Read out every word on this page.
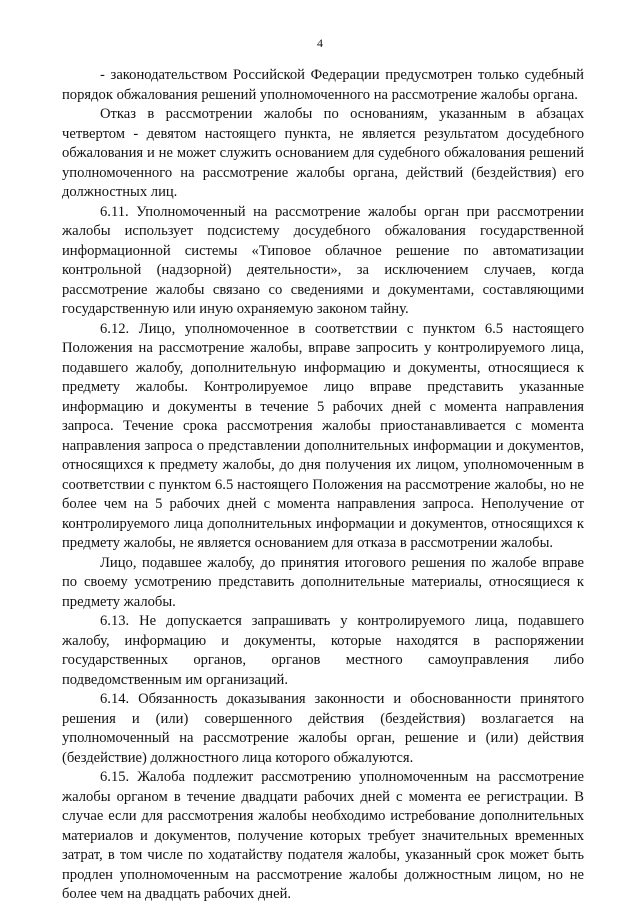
4

- законодательством Российской Федерации предусмотрен только судебный порядок обжалования решений уполномоченного на рассмотрение жалобы органа.

Отказ в рассмотрении жалобы по основаниям, указанным в абзацах четвертом - девятом настоящего пункта, не является результатом досудебного обжалования и не может служить основанием для судебного обжалования решений уполномоченного на рассмотрение жалобы органа, действий (бездействия) его должностных лиц.

6.11. Уполномоченный на рассмотрение жалобы орган при рассмотрении жалобы использует подсистему досудебного обжалования государственной информационной системы «Типовое облачное решение по автоматизации контрольной (надзорной) деятельности», за исключением случаев, когда рассмотрение жалобы связано со сведениями и документами, составляющими государственную или иную охраняемую законом тайну.

6.12. Лицо, уполномоченное в соответствии с пунктом 6.5 настоящего Положения на рассмотрение жалобы, вправе запросить у контролируемого лица, подавшего жалобу, дополнительную информацию и документы, относящиеся к предмету жалобы. Контролируемое лицо вправе представить указанные информацию и документы в течение 5 рабочих дней с момента направления запроса. Течение срока рассмотрения жалобы приостанавливается с момента направления запроса о представлении дополнительных информации и документов, относящихся к предмету жалобы, до дня получения их лицом, уполномоченным в соответствии с пунктом 6.5 настоящего Положения на рассмотрение жалобы, но не более чем на 5 рабочих дней с момента направления запроса. Неполучение от контролируемого лица дополнительных информации и документов, относящихся к предмету жалобы, не является основанием для отказа в рассмотрении жалобы.

Лицо, подавшее жалобу, до принятия итогового решения по жалобе вправе по своему усмотрению представить дополнительные материалы, относящиеся к предмету жалобы.

6.13. Не допускается запрашивать у контролируемого лица, подавшего жалобу, информацию и документы, которые находятся в распоряжении государственных органов, органов местного самоуправления либо подведомственным им организаций.

6.14. Обязанность доказывания законности и обоснованности принятого решения и (или) совершенного действия (бездействия) возлагается на уполномоченный на рассмотрение жалобы орган, решение и (или) действия (бездействие) должностного лица которого обжалуются.

6.15. Жалоба подлежит рассмотрению уполномоченным на рассмотрение жалобы органом в течение двадцати рабочих дней с момента ее регистрации. В случае если для рассмотрения жалобы необходимо истребование дополнительных материалов и документов, получение которых требует значительных временных затрат, в том числе по ходатайству подателя жалобы, указанный срок может быть продлен уполномоченным на рассмотрение жалобы должностным лицом, но не более чем на двадцать рабочих дней.
